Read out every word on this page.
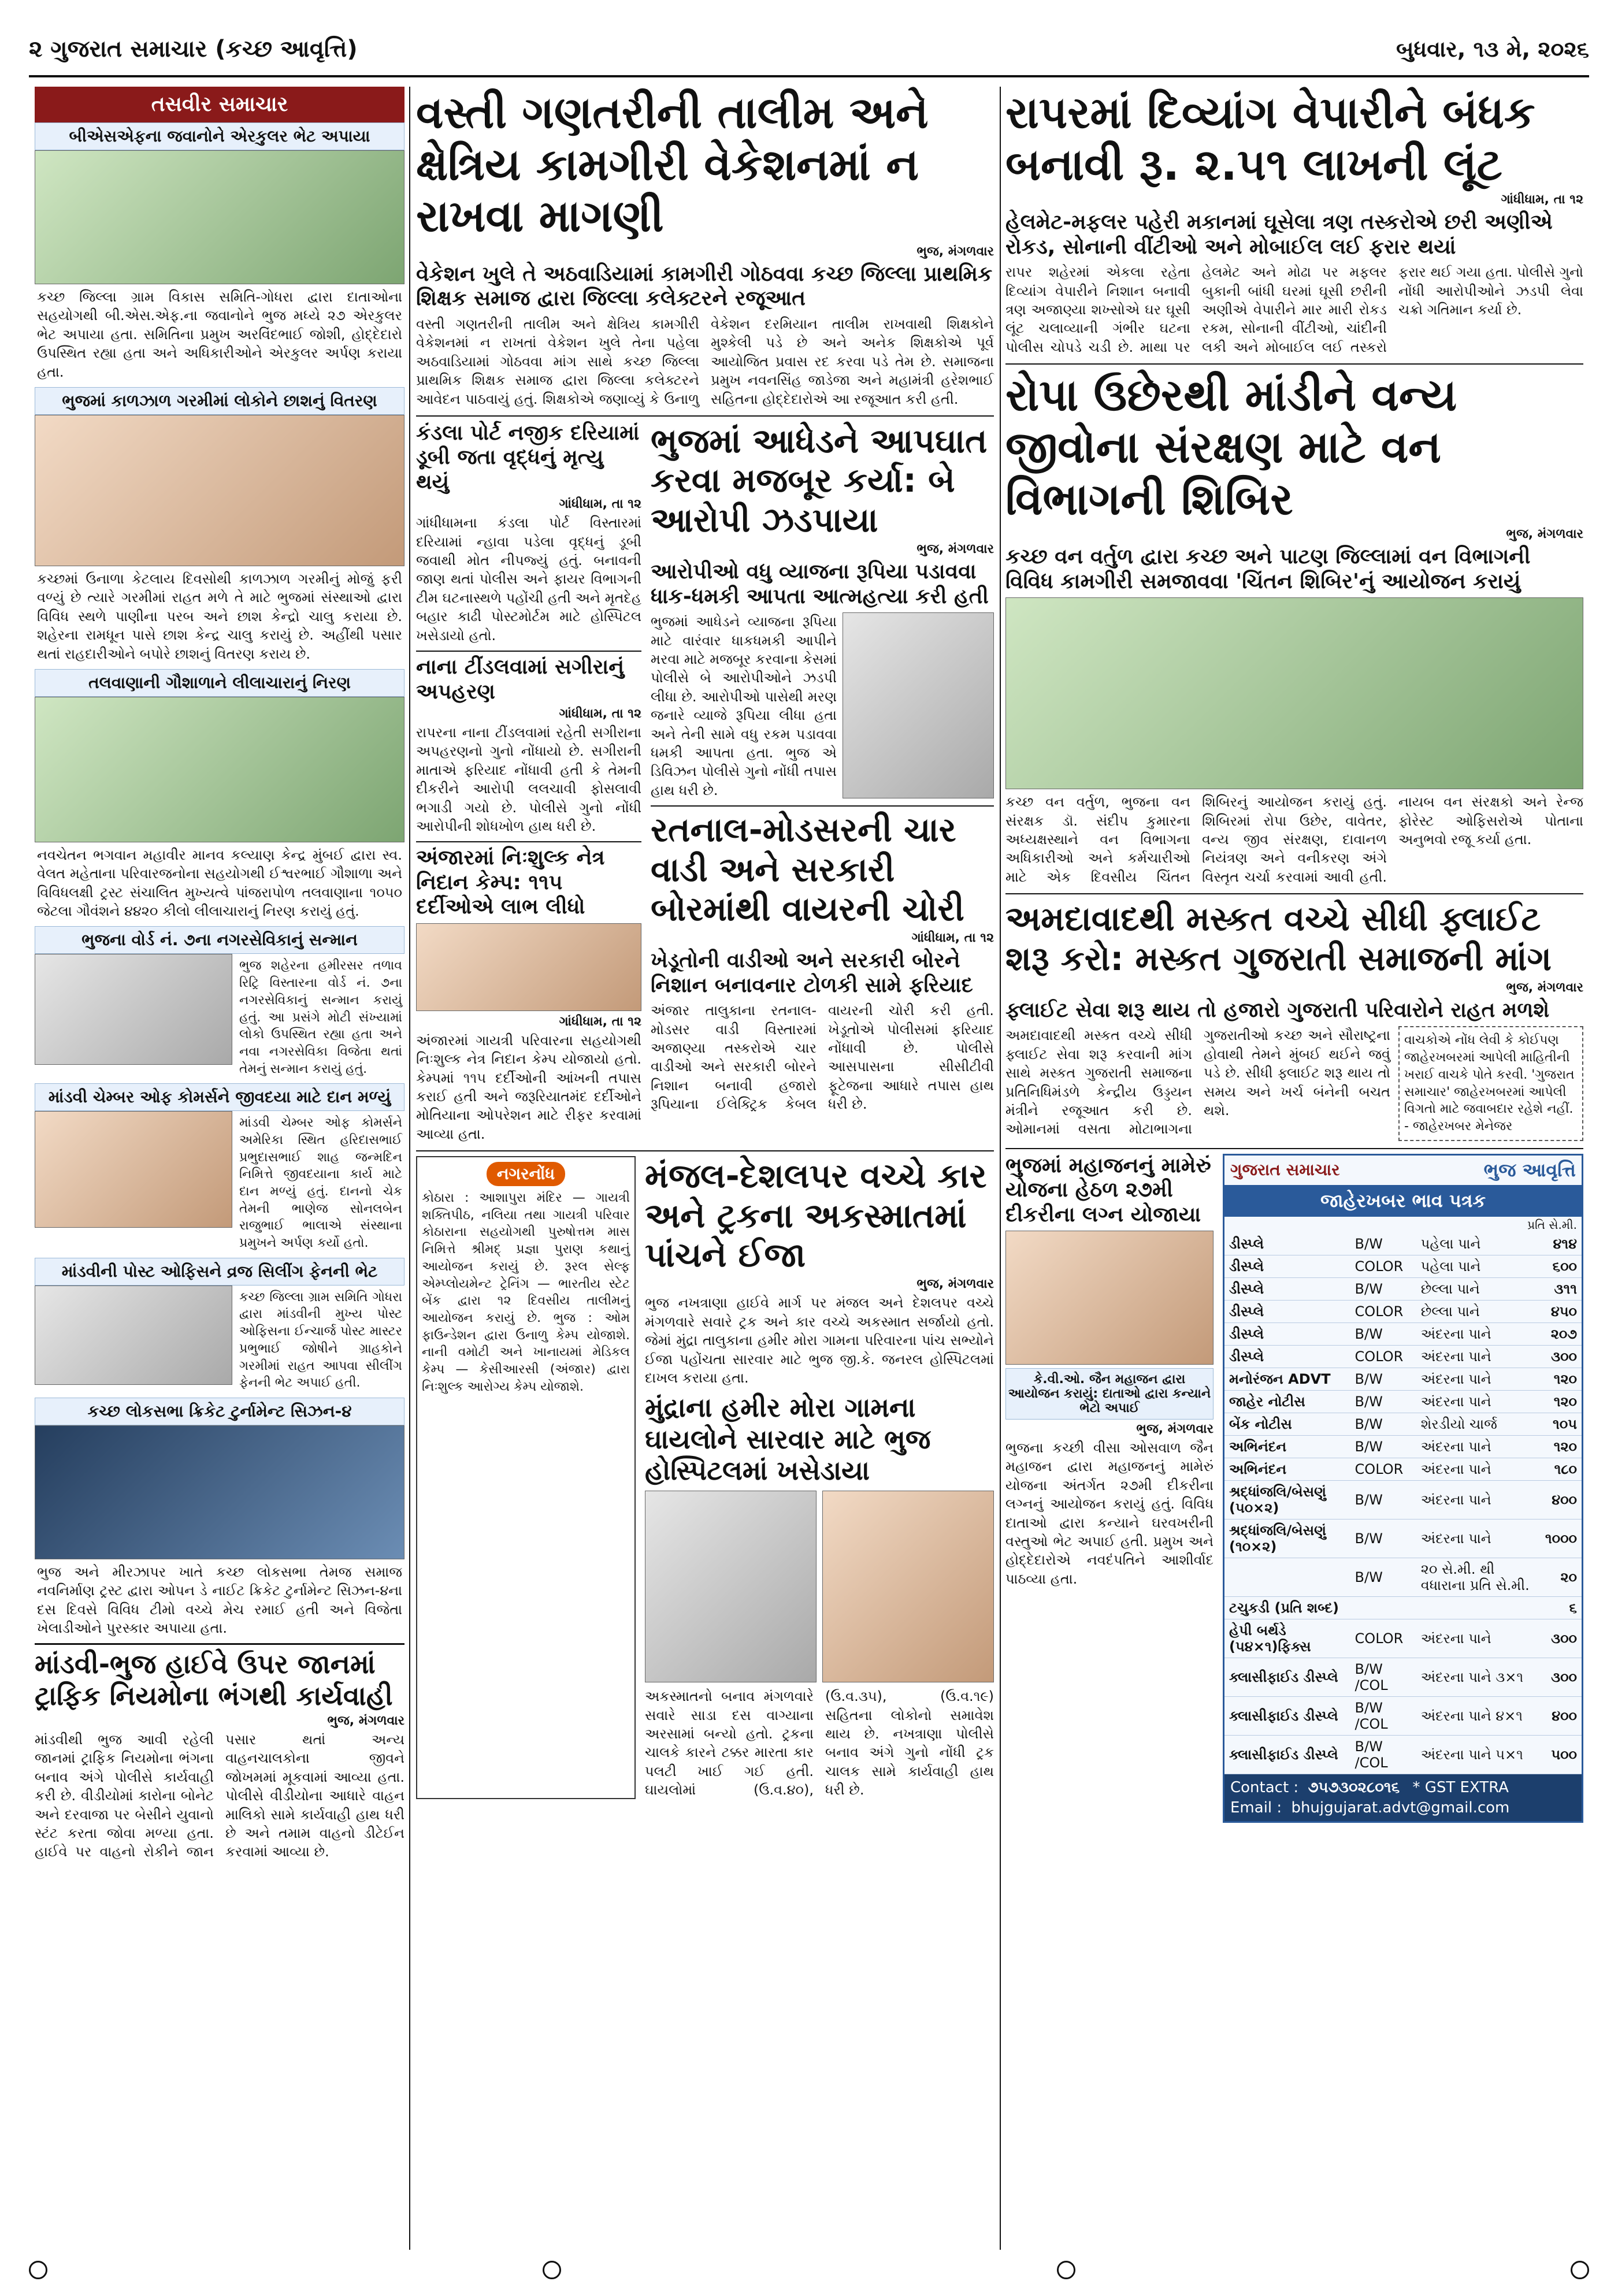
૨ ગુજરાત સમાચાર (કચ્છ આવૃત્તિ)	બુધવાર, ૧૩ મે, ૨૦૨૬
તસવીર સમાચાર
બીએસએફના જવાનોને એરકુલર ભેટ અપાયા
કચ્છ જિલ્લા ગ્રામ વિકાસ સમિતિ-ગોધરા દ્વારા દાતાઓના સહયોગથી બી.એસ.એફ.ના જવાનોને ભુજ મધ્યે ૨૭ એરકુલર ભેટ અપાયા હતા. સમિતિના પ્રમુખ અરવિંદભાઈ જોશી, હોદ્દેદારો ઉપસ્થિત રહ્યા હતા અને અધિકારીઓને એરકુલર અર્પણ કરાયા હતા.
ભુજમાં કાળઝાળ ગરમીમાં લોકોને છાશનું વિતરણ
કચ્છમાં ઉનાળા કેટલાય દિવસોથી કાળઝાળ ગરમીનું મોજું ફરી વળ્યું છે ત્યારે ગરમીમાં રાહત મળે તે માટે ભુજમાં સંસ્થાઓ દ્વારા વિવિધ સ્થળે પાણીના પરબ અને છાશ કેન્દ્રો ચાલુ કરાયા છે. શહેરના રામધૂન પાસે છાશ કેન્દ્ર ચાલુ કરાયું છે. અહીંથી પસાર થતાં રાહદારીઓને બપોરે છાશનું વિતરણ કરાય છે.
તલવાણાની ગૌશાળાને લીલાચારાનું નિરણ
નવચેતન ભગવાન મહાવીર માનવ કલ્યાણ કેન્દ્ર મુંબઈ દ્વારા સ્વ. વેલત મહેતાના પરિવારજનોના સહયોગથી ઈશ્વરભાઈ ગૌશાળા અને વિવિધલક્ષી ટ્રસ્ટ સંચાલિત મુખ્યત્વે પાંજરાપોળ તલવાણાના ૧૦૫૦ જેટલા ગૌવંશને ૪૪૨૦ કીલો લીલાચારાનું નિરણ કરાયું હતું.
ભુજના વોર્ડ નં. ૭ના નગરસેવિકાનું સન્માન
ભુજ શહેરના હમીરસર તળાવ રિટ્રિ વિસ્તારના વોર્ડ નં. ૭ના નગરસેવિકાનું સન્માન કરાયું હતું. આ પ્રસંગે મોટી સંખ્યામાં લોકો ઉપસ્થિત રહ્યા હતા અને નવા નગરસેવિકા વિજેતા થતાં તેમનું સન્માન કરાયું હતું.
માંડવી ચેમ્બર ઓફ કોમર્સને જીવદયા માટે દાન મળ્યું
માંડવી ચેમ્બર ઓફ કોમર્સને અમેરિકા સ્થિત હરિદાસભાઈ પ્રભુદાસભાઈ શાહ જન્મદિન નિમિત્તે જીવદયાના કાર્ય માટે દાન મળ્યું હતું. દાનનો ચેક તેમની ભાણેજ સોનલબેન રાજુભાઈ ભાલાએ સંસ્થાના પ્રમુખને અર્પણ કર્યો હતો.
માંડવીની પોસ્ટ ઓફિસને વ્રજ સિલીંગ ફેનની ભેટ
કચ્છ જિલ્લા ગ્રામ સમિતિ ગોધરા દ્વારા માંડવીની મુખ્ય પોસ્ટ ઓફિસના ઈન્ચાર્જ પોસ્ટ માસ્ટર પ્રભુભાઈ જોષીને ગ્રાહકોને ગરમીમાં રાહત આપવા સીલીંગ ફેનની ભેટ અપાઈ હતી.
કચ્છ લોકસભા ક્રિકેટ ટુર્નામેન્ટ સિઝન-૪
ભુજ અને મીરઝાપર ખાતે કચ્છ લોકસભા તેમજ સમાજ નવનિર્માણ ટ્રસ્ટ દ્વારા ઓપન ડે નાઈટ ક્રિકેટ ટુર્નામેન્ટ સિઝન-૪ના દસ દિવસે વિવિધ ટીમો વચ્ચે મેચ રમાઈ હતી અને વિજેતા ખેલાડીઓને પુરસ્કાર અપાયા હતા.
માંડવી-ભુજ હાઈવે ઉપર જાનમાં ટ્રાફિક નિયમોના ભંગથી કાર્યવાહી
ભુજ, મંગળવાર
માંડવીથી ભુજ આવી રહેલી જાનમાં ટ્રાફિક નિયમોના ભંગના બનાવ અંગે પોલીસે કાર્યવાહી કરી છે. વીડીયોમાં કારોના બોનેટ અને દરવાજા પર બેસીને યુવાનો સ્ટંટ કરતા જોવા મળ્યા હતા. હાઈવે પર વાહનો રોકીને જાન પસાર થતાં અન્ય વાહનચાલકોના જીવને જોખમમાં મૂકવામાં આવ્યા હતા. પોલીસે વીડીયોના આધારે વાહન માલિકો સામે કાર્યવાહી હાથ ધરી છે અને તમામ વાહનો ડીટેઈન કરવામાં આવ્યા છે.
વસ્તી ગણતરીની તાલીમ અને ક્ષેત્રિય કામગીરી વેકેશનમાં ન રાખવા માગણી
ભુજ, મંગળવાર
વેકેશન ખુલે તે અઠવાડિયામાં કામગીરી ગોઠવવા કચ્છ જિલ્લા પ્રાથમિક શિક્ષક સમાજ દ્વારા જિલ્લા કલેક્ટરને રજૂઆત
વસ્તી ગણતરીની તાલીમ અને ક્ષેત્રિય કામગીરી વેકેશનમાં ન રાખતાં વેકેશન ખુલે તેના પહેલા અઠવાડિયામાં ગોઠવવા માંગ સાથે કચ્છ જિલ્લા પ્રાથમિક શિક્ષક સમાજ દ્વારા જિલ્લા કલેક્ટરને આવેદન પાઠવાયું હતું. શિક્ષકોએ જણાવ્યું કે ઉનાળુ વેકેશન દરમિયાન તાલીમ રાખવાથી શિક્ષકોને મુશ્કેલી પડે છે અને અનેક શિક્ષકોએ પૂર્વ આયોજિત પ્રવાસ રદ કરવા પડે તેમ છે. સમાજના પ્રમુખ નવનસિંહ જાડેજા અને મહામંત્રી હરેશભાઈ સહિતના હોદ્દેદારોએ આ રજૂઆત કરી હતી.
કંડલા પોર્ટ નજીક દરિયામાં ડૂબી જતા વૃદ્ધનું મૃત્યુ થયું
ગાંધીધામ, તા ૧૨
ગાંધીધામના કંડલા પોર્ટ વિસ્તારમાં દરિયામાં ન્હાવા પડેલા વૃદ્ધનું ડૂબી જવાથી મોત નીપજ્યું હતું. બનાવની જાણ થતાં પોલીસ અને ફાયર વિભાગની ટીમ ઘટનાસ્થળે પહોંચી હતી અને મૃતદેહ બહાર કાઢી પોસ્ટમોર્ટમ માટે હોસ્પિટલ ખસેડાયો હતો.
નાના ટીંડલવામાં સગીરાનું અપહરણ
ગાંધીધામ, તા ૧૨
રાપરના નાના ટીંડલવામાં રહેતી સગીરાના અપહરણનો ગુનો નોંધાયો છે. સગીરાની માતાએ ફરિયાદ નોંધાવી હતી કે તેમની દીકરીને આરોપી લલચાવી ફોસલાવી ભગાડી ગયો છે. પોલીસે ગુનો નોંધી આરોપીની શોધખોળ હાથ ધરી છે.
અંજારમાં નિઃશુલ્ક નેત્ર નિદાન કેમ્પ: ૧૧૫ દર્દીઓએ લાભ લીધો
ગાંધીધામ, તા ૧૨
અંજારમાં ગાયત્રી પરિવારના સહયોગથી નિઃશુલ્ક નેત્ર નિદાન કેમ્પ યોજાયો હતો. કેમ્પમાં ૧૧૫ દર્દીઓની આંખની તપાસ કરાઈ હતી અને જરૂરિયાતમંદ દર્દીઓને મોતિયાના ઓપરેશન માટે રીફર કરવામાં આવ્યા હતા.
ભુજમાં આધેડને આપઘાત કરવા મજબૂર કર્યા: બે આરોપી ઝડપાયા
ભુજ, મંગળવાર
આરોપીઓ વધુ વ્યાજના રૂપિયા પડાવવા ધાક-ધમકી આપતા આત્મહત્યા કરી હતી
ભુજમાં આધેડને વ્યાજના રૂપિયા માટે વારંવાર ધાકધમકી આપીને મરવા માટે મજબૂર કરવાના કેસમાં પોલીસે બે આરોપીઓને ઝડપી લીધા છે. આરોપીઓ પાસેથી મરણ જનારે વ્યાજે રૂપિયા લીધા હતા અને તેની સામે વધુ રકમ પડાવવા ધમકી આપતા હતા. ભુજ એ ડિવિઝન પોલીસે ગુનો નોંધી તપાસ હાથ ધરી છે.
રતનાલ-મોડસરની ચાર વાડી અને સરકારી બોરમાંથી વાયરની ચોરી
ગાંધીધામ, તા ૧૨
ખેડૂતોની વાડીઓ અને સરકારી બોરને નિશાન બનાવનાર ટોળકી સામે ફરિયાદ
અંજાર તાલુકાના રતનાલ-મોડસર વાડી વિસ્તારમાં અજાણ્યા તસ્કરોએ ચાર વાડીઓ અને સરકારી બોરને નિશાન બનાવી હજારો રૂપિયાના ઈલેક્ટ્રિક કેબલ વાયરની ચોરી કરી હતી. ખેડૂતોએ પોલીસમાં ફરિયાદ નોંધાવી છે. પોલીસે આસપાસના સીસીટીવી ફૂટેજના આધારે તપાસ હાથ ધરી છે.
નગરનોંધ
કોઠારા : આશાપુરા મંદિર — ગાયત્રી શક્તિપીઠ, નલિયા તથા ગાયત્રી પરિવાર કોઠારાના સહયોગથી પુરુષોત્તમ માસ નિમિત્તે શ્રીમદ્ પ્રજ્ઞા પુરાણ કથાનું આયોજન કરાયું છે. રૂરલ સેલ્ફ એમ્પ્લોયમેન્ટ ટ્રેનિંગ — ભારતીય સ્ટેટ બેંક દ્વારા ૧૨ દિવસીય તાલીમનું આયોજન કરાયું છે. ભુજ : ઓમ ફાઉન્ડેશન દ્વારા ઉનાળુ કેમ્પ યોજાશે. નાની વમોટી અને ખાનાયમાં મેડિકલ કેમ્પ — કેસીઆરસી (અંજાર) દ્વારા નિઃશુલ્ક આરોગ્ય કેમ્પ યોજાશે.
મંજલ-દેશલપર વચ્ચે કાર અને ટ્રકના અકસ્માતમાં પાંચને ઈજા
ભુજ, મંગળવાર
ભુજ નખત્રાણા હાઈવે માર્ગ પર મંજલ અને દેશલપર વચ્ચે મંગળવારે સવારે ટ્રક અને કાર વચ્ચે અકસ્માત સર્જાયો હતો. જેમાં મુંદ્રા તાલુકાના હમીર મોરા ગામના પરિવારના પાંચ સભ્યોને ઈજા પહોંચતા સારવાર માટે ભુજ જી.કે. જનરલ હોસ્પિટલમાં દાખલ કરાયા હતા.
મુંદ્રાના હમીર મોરા ગામના ઘાયલોને સારવાર માટે ભુજ હોસ્પિટલમાં ખસેડાયા
અકસ્માતનો બનાવ મંગળવારે સવારે સાડા દસ વાગ્યાના અરસામાં બન્યો હતો. ટ્રકના ચાલકે કારને ટક્કર મારતા કાર પલટી ખાઈ ગઈ હતી. ઘાયલોમાં (ઉ.વ.૪૦), (ઉ.વ.૩૫), (ઉ.વ.૧૯) સહિતના લોકોનો સમાવેશ થાય છે. નખત્રાણા પોલીસે બનાવ અંગે ગુનો નોંધી ટ્રક ચાલક સામે કાર્યવાહી હાથ ધરી છે.
રાપરમાં દિવ્યાંગ વેપારીને બંધક બનાવી રૂ. ૨.૫૧ લાખની લૂંટ
ગાંધીધામ, તા ૧૨
હેલમેટ-મફલર પહેરી મકાનમાં ઘૂસેલા ત્રણ તસ્કરોએ છરી અણીએ રોકડ, સોનાની વીંટીઓ અને મોબાઈલ લઈ ફરાર થયાં
રાપર શહેરમાં એકલા રહેતા દિવ્યાંગ વેપારીને નિશાન બનાવી ત્રણ અજાણ્યા શખ્સોએ ઘર ઘૂસી લૂંટ ચલાવ્યાની ગંભીર ઘટના પોલીસ ચોપડે ચડી છે. માથા પર હેલમેટ અને મોઢા પર મફલર બુકાની બાંધી ઘરમાં ઘૂસી છરીની અણીએ વેપારીને માર મારી રોકડ રકમ, સોનાની વીંટીઓ, ચાંદીની લકી અને મોબાઈલ લઈ તસ્કરો ફરાર થઈ ગયા હતા. પોલીસે ગુનો નોંધી આરોપીઓને ઝડપી લેવા ચક્રો ગતિમાન કર્યા છે.
રોપા ઉછેરથી માંડીને વન્ય જીવોના સંરક્ષણ માટે વન વિભાગની શિબિર
ભુજ, મંગળવાર
કચ્છ વન વર્તુળ દ્વારા કચ્છ અને પાટણ જિલ્લામાં વન વિભાગની વિવિધ કામગીરી સમજાવવા 'ચિંતન શિબિર'નું આયોજન કરાયું
કચ્છ વન વર્તુળ, ભુજના વન સંરક્ષક ડૉ. સંદીપ કુમારના અધ્યક્ષસ્થાને વન વિભાગના અધિકારીઓ અને કર્મચારીઓ માટે એક દિવસીય ચિંતન શિબિરનું આયોજન કરાયું હતું. શિબિરમાં રોપા ઉછેર, વાવેતર, વન્ય જીવ સંરક્ષણ, દાવાનળ નિયંત્રણ અને વનીકરણ અંગે વિસ્તૃત ચર્ચા કરવામાં આવી હતી. નાયબ વન સંરક્ષકો અને રેન્જ ફોરેસ્ટ ઓફિસરોએ પોતાના અનુભવો રજૂ કર્યા હતા.
અમદાવાદથી મસ્કત વચ્ચે સીધી ફ્લાઈટ શરૂ કરો: મસ્કત ગુજરાતી સમાજની માંગ
ભુજ, મંગળવાર
ફ્લાઈટ સેવા શરૂ થાય તો હજારો ગુજરાતી પરિવારોને રાહત મળશે
અમદાવાદથી મસ્કત વચ્ચે સીધી ફ્લાઈટ સેવા શરૂ કરવાની માંગ સાથે મસ્કત ગુજરાતી સમાજના પ્રતિનિધિમંડળે કેન્દ્રીય ઉડ્ડયન મંત્રીને રજૂઆત કરી છે. ઓમાનમાં વસતા મોટાભાગના ગુજરાતીઓ કચ્છ અને સૌરાષ્ટ્રના હોવાથી તેમને મુંબઈ થઈને જવું પડે છે. સીધી ફ્લાઈટ શરૂ થાય તો સમય અને ખર્ચ બંનેની બચત થશે.
વાચકોએ નોંધ લેવી કે કોઈપણ જાહેરખબરમાં આપેલી માહિતીની ખરાઈ વાચકે પોતે કરવી. 'ગુજરાત સમાચાર' જાહેરખબરમાં આપેલી વિગતો માટે જવાબદાર રહેશે નહીં. - જાહેરખબર મેનેજર
ભુજમાં મહાજનનું મામેરું યોજના હેઠળ ૨૭મી દીકરીના લગ્ન યોજાયા
કે.વી.ઓ. જૈન મહાજન દ્વારા આયોજન કરાયું: દાતાઓ દ્વારા કન્યાને ભેટો અપાઈ
ભુજ, મંગળવાર
ભુજના કચ્છી વીસા ઓસવાળ જૈન મહાજન દ્વારા મહાજનનું મામેરું યોજના અંતર્ગત ૨૭મી દીકરીના લગ્નનું આયોજન કરાયું હતું. વિવિધ દાતાઓ દ્વારા કન્યાને ઘરવખરીની વસ્તુઓ ભેટ અપાઈ હતી. પ્રમુખ અને હોદ્દેદારોએ નવદંપતિને આશીર્વાદ પાઠવ્યા હતા.
ગુજરાત સમાચાર	ભુજ આવૃત્તિ
જાહેરખબર ભાવ પત્રક
પ્રતિ સે.મી.
ડીસ્પ્લે	B/W	પહેલા પાને	૪૧૪
ડીસ્પ્લે	COLOR	પહેલા પાને	૬૦૦
ડીસ્પ્લે	B/W	છેલ્લા પાને	૩૧૧
ડીસ્પ્લે	COLOR	છેલ્લા પાને	૪૫૦
ડીસ્પ્લે	B/W	અંદરના પાને	૨૦૭
ડીસ્પ્લે	COLOR	અંદરના પાને	૩૦૦
મનોરંજન ADVT	B/W	અંદરના પાને	૧૨૦
જાહેર નોટીસ	B/W	અંદરના પાને	૧૨૦
બેંક નોટીસ	B/W	શેરડીયો ચાર્જ	૧૦૫
અભિનંદન	B/W	અંદરના પાને	૧૨૦
અભિનંદન	COLOR	અંદરના પાને	૧૮૦
શ્રદ્ધાંજલિ/બેસણું (૫૦×૨)	B/W	અંદરના પાને	૪૦૦
શ્રદ્ધાંજલિ/બેસણું (૧૦×૨)	B/W	અંદરના પાને	૧૦૦૦
	B/W	૨૦ સે.મી. થી વધારાના પ્રતિ સે.મી.	૨૦
ટચુકડી (પ્રતિ શબ્દ)			૬
હેપી બર્થડે (૫૪×૧)ફિક્સ	COLOR	અંદરના પાને	૩૦૦
ક્લાસીફાઈડ ડીસ્પ્લે	B/W /COL	અંદરના પાને ૩×૧	૩૦૦
ક્લાસીફાઈડ ડીસ્પ્લે	B/W /COL	અંદરના પાને ૪×૧	૪૦૦
ક્લાસીફાઈડ ડીસ્પ્લે	B/W /COL	અંદરના પાને ૫×૧	૫૦૦
Contact : ૭૫૭૩૦૨૮૦૧૬ * GST EXTRA
Email : bhujgujarat.advt@gmail.com
